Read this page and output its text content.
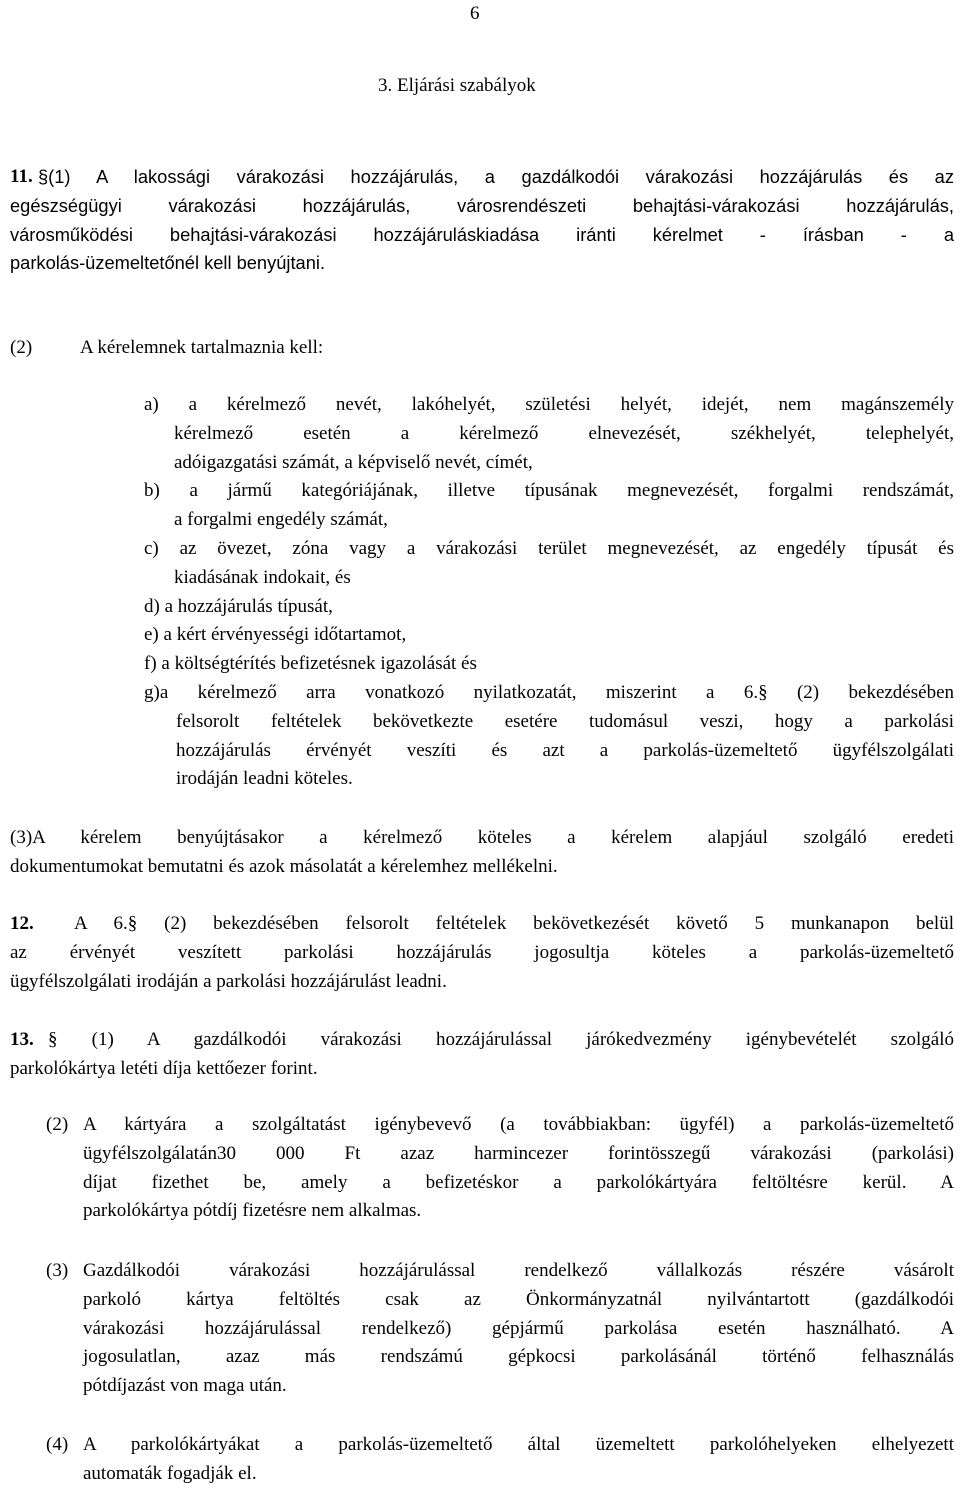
6
3. Eljárási szabályok
11. §(1) A lakossági várakozási hozzájárulás, a gazdálkodói várakozási hozzájárulás és az
egészségügyi várakozási hozzájárulás, városrendészeti behajtási-várakozási hozzájárulás,
városműködési behajtási-várakozási hozzájáruláskiadása iránti kérelmet - írásban - a
parkolás-üzemeltetőnél kell benyújtani.
(2)	A kérelemnek tartalmaznia kell:
a) a kérelmező nevét, lakóhelyét, születési helyét, idejét, nem magánszemély
kérelmező esetén a kérelmező elnevezését, székhelyét, telephelyét,
adóigazgatási számát, a képviselő nevét, címét,
b) a jármű kategóriájának, illetve típusának megnevezését, forgalmi rendszámát,
a forgalmi engedély számát,
c) az övezet, zóna vagy a várakozási terület megnevezését, az engedély típusát és
kiadásának indokait, és
d) a hozzájárulás típusát,
e) a kért érvényességi időtartamot,
f) a költségtérítés befizetésnek igazolását és
g)a kérelmező arra vonatkozó nyilatkozatát, miszerint a 6.§ (2) bekezdésében
felsorolt feltételek bekövetkezte esetére tudomásul veszi, hogy a parkolási
hozzájárulás érvényét veszíti és azt a parkolás-üzemeltető ügyfélszolgálati
irodáján leadni köteles.
(3)A kérelem benyújtásakor a kérelmező köteles a kérelem alapjául szolgáló eredeti
dokumentumokat bemutatni és azok másolatát a kérelemhez mellékelni.
12.	A 6.§ (2) bekezdésében felsorolt feltételek bekövetkezését követő 5 munkanapon belül
az érvényét veszített parkolási hozzájárulás jogosultja köteles a parkolás-üzemeltető
ügyfélszolgálati irodáján a parkolási hozzájárulást leadni.
13. § (1) A gazdálkodói várakozási hozzájárulással járókedvezmény igénybevételét szolgáló
parkolókártya letéti díja kettőezer forint.
(2) A kártyára a szolgáltatást igénybevevő (a továbbiakban: ügyfél) a parkolás-üzemeltető
ügyfélszolgálatán30 000 Ft azaz harmincezer forintösszegű várakozási (parkolási)
díjat fizethet be, amely a befizetéskor a parkolókártyára feltöltésre kerül. A
parkolókártya pótdíj fizetésre nem alkalmas.
(3) Gazdálkodói várakozási hozzájárulással rendelkező vállalkozás részére vásárolt
parkoló kártya feltöltés csak az Önkormányzatnál nyilvántartott (gazdálkodói
várakozási hozzájárulással rendelkező) gépjármű parkolása esetén használható. A
jogosulatlan, azaz más rendszámú gépkocsi parkolásánál történő felhasználás
pótdíjazást von maga után.
(4) A parkolókártyákat a parkolás-üzemeltető által üzemeltett parkolóhelyeken elhelyezett
automaták fogadják el.
